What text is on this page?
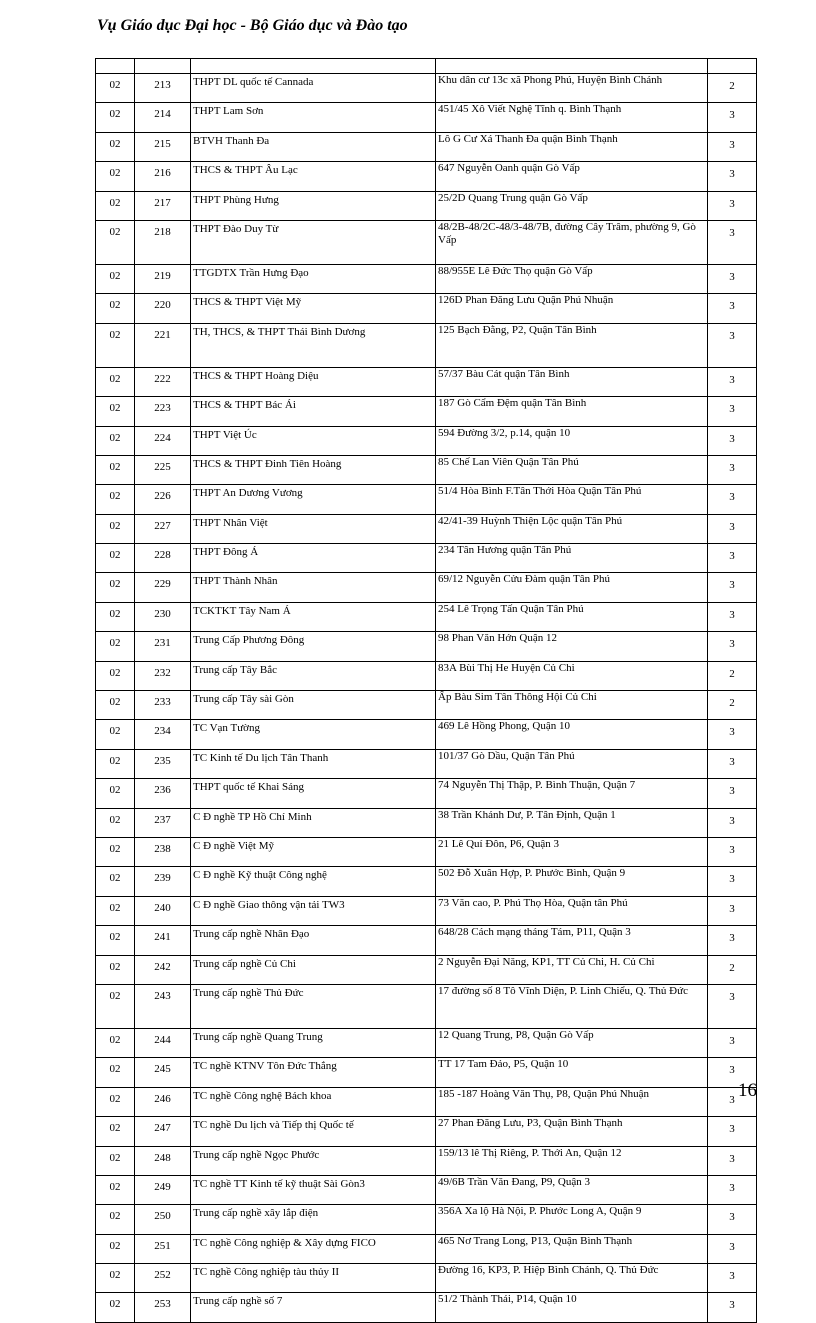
Vụ Giáo dục Đại học - Bộ Giáo dục và Đào tạo

02	213	THPT DL quốc tế Cannada	Khu dân cư 13c xã Phong Phú, Huyện Bình Chánh	2
02	214	THPT Lam Sơn	451/45 Xô Viết Nghệ Tĩnh q. Bình Thạnh	3
02	215	BTVH Thanh Đa	Lô G Cư Xá Thanh Đa quận Bình Thạnh	3
02	216	THCS & THPT Âu Lạc	647 Nguyễn Oanh quận Gò Vấp	3
02	217	THPT Phùng Hưng	25/2D Quang Trung quận Gò Vấp	3
02	218	THPT Đào Duy Từ	48/2B-48/2C-48/3-48/7B, đường Cây Trâm, phường 9, Gò Vấp	3
02	219	TTGDTX Trần Hưng Đạo	88/955E Lê Đức Thọ quận Gò Vấp	3
02	220	THCS & THPT Việt Mỹ	126D Phan Đăng Lưu Quận Phú Nhuận	3
02	221	TH, THCS, & THPT Thái Bình Dương	125 Bạch Đằng, P2, Quận Tân Bình	3
02	222	THCS & THPT Hoàng Diệu	57/37 Bàu Cát quận Tân Bình	3
02	223	THCS & THPT Bác Ái	187 Gò Cẩm Đệm quận Tân Bình	3
02	224	THPT Việt Úc	594 Đường 3/2, p.14, quận 10	3
02	225	THCS & THPT Đinh Tiên Hoàng	85 Chế Lan Viên Quận Tân Phú	3
02	226	THPT An Dương Vương	51/4 Hòa Bình F.Tân Thới Hòa Quận Tân Phú	3
02	227	THPT Nhân Việt	42/41-39 Huỳnh Thiện Lộc quận Tân Phú	3
02	228	THPT Đông Á	234 Tân Hương quận Tân Phú	3
02	229	THPT Thành Nhân	69/12 Nguyễn Cửu Đàm quận Tân Phú	3
02	230	TCKTKT Tây Nam Á	254 Lê Trọng Tấn Quận Tân Phú	3
02	231	Trung Cấp Phương Đông	98 Phan Văn Hớn Quận 12	3
02	232	Trung cấp Tây Bắc	83A Bùi Thị He Huyện Củ Chi	2
02	233	Trung cấp Tây sài Gòn	Ấp Bàu Sim Tân Thông Hội Củ Chi	2
02	234	TC Vạn Tường	469 Lê Hồng Phong, Quận 10	3
02	235	TC Kinh tế Du lịch Tân Thanh	101/37 Gò Dầu, Quận Tân Phú	3
02	236	THPT quốc tế Khai Sáng	74 Nguyễn Thị Thập, P. Bình Thuận, Quận 7	3
02	237	C Đ nghề TP Hồ Chí Minh	38 Trần Khánh Dư, P. Tân Định, Quận 1	3
02	238	C Đ nghề Việt Mỹ	21 Lê Quí Đôn, P6, Quận 3	3
02	239	C Đ nghề Kỹ thuật Công nghệ	502 Đỗ Xuân Hợp, P. Phước Bình, Quận 9	3
02	240	C Đ nghề Giao thông vận tải TW3	73 Văn cao, P. Phú Thọ Hòa, Quận tân Phú	3
02	241	Trung cấp nghề Nhân Đạo	648/28 Cách mạng tháng Tám, P11, Quận 3	3
02	242	Trung cấp nghề Củ Chi	2 Nguyễn Đại Năng, KP1, TT Củ Chi, H. Củ Chi	2
02	243	Trung cấp nghề Thủ Đức	17 đường số 8 Tô Vĩnh Diện, P. Linh Chiểu, Q. Thủ Đức	3
02	244	Trung cấp nghề Quang Trung	12 Quang Trung, P8, Quận Gò Vấp	3
02	245	TC nghề KTNV Tôn Đức Thắng	TT 17 Tam Đảo, P5, Quận 10	3
02	246	TC nghề Công nghệ Bách khoa	185 -187 Hoàng Văn Thụ, P8, Quận Phú Nhuận	3
02	247	TC nghề Du lịch và Tiếp thị Quốc tế	27 Phan Đăng Lưu, P3, Quận Bình Thạnh	3
02	248	Trung cấp nghề Ngọc Phước	159/13 lê Thị Riêng, P. Thới An, Quận 12	3
02	249	TC nghề TT Kinh tế kỹ thuật Sài Gòn3	49/6B Trần Văn Đang, P9, Quận 3	3
02	250	Trung cấp nghề xây lắp điện	356A Xa lộ Hà Nội, P. Phước Long A, Quận 9	3
02	251	TC nghề Công nghiệp & Xây dựng FICO	465 Nơ Trang Long, P13, Quận Bình Thạnh	3
02	252	TC nghề Công nghiệp tàu thủy II	Đường 16, KP3, P. Hiệp Bình Chánh, Q. Thủ Đức	3
02	253	Trung cấp nghề số 7	51/2 Thành Thái, P14, Quận 10	3
16
